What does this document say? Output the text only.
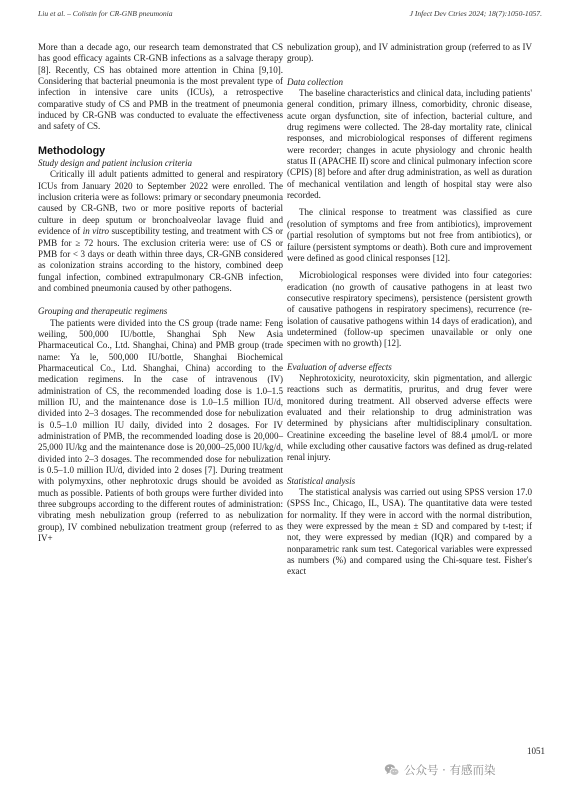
Liu et al. – Colistin for CR-GNB pneumonia	J Infect Dev Ctries 2024; 18(7):1050-1057.

More than a decade ago, our research team demonstrated that CS has good efficacy againts CR-GNB infections as a salvage therapy [8]. Recently, CS has obtained more attention in China [9,10]. Considering that bacterial pneumonia is the most prevalent type of infection in intensive care units (ICUs), a retrospective comparative study of CS and PMB in the treatment of pneumonia induced by CR-GNB was conducted to evaluate the effectiveness and safety of CS.

Methodology
Study design and patient inclusion criteria

Critically ill adult patients admitted to general and respiratory ICUs from January 2020 to September 2022 were enrolled. The inclusion criteria were as follows: primary or secondary pneumonia caused by CR-GNB, two or more positive reports of bacterial culture in deep sputum or bronchoalveolar lavage fluid and evidence of in vitro susceptibility testing, and treatment with CS or PMB for ≥ 72 hours. The exclusion criteria were: use of CS or PMB for < 3 days or death within three days, CR-GNB considered as colonization strains according to the history, combined deep fungal infection, combined extrapulmonary CR-GNB infection, and combined pneumonia caused by other pathogens.

Grouping and therapeutic regimens

The patients were divided into the CS group (trade name: Feng weiling, 500,000 IU/bottle, Shanghai Sph New Asia Pharmaceutical Co., Ltd. Shanghai, China) and PMB group (trade name: Ya le, 500,000 IU/bottle, Shanghai Biochemical Pharmaceutical Co., Ltd. Shanghai, China) according to the medication regimens. In the case of intravenous (IV) administration of CS, the recommended loading dose is 1.0–1.5 million IU, and the maintenance dose is 1.0–1.5 million IU/d, divided into 2–3 dosages. The recommended dose for nebulization is 0.5–1.0 million IU daily, divided into 2 dosages. For IV administration of PMB, the recommended loading dose is 20,000–25,000 IU/kg and the maintenance dose is 20,000–25,000 IU/kg/d, divided into 2–3 dosages. The recommended dose for nebulization is 0.5–1.0 million IU/d, divided into 2 doses [7]. During treatment with polymyxins, other nephrotoxic drugs should be avoided as much as possible. Patients of both groups were further divided into three subgroups according to the different routes of administration: vibrating mesh nebulization group (referred to as nebulization group), IV combined nebulization treatment group (referred to as IV+

nebulization group), and IV administration group (referred to as IV group).

Data collection

The baseline characteristics and clinical data, including patients' general condition, primary illness, comorbidity, chronic disease, acute organ dysfunction, site of infection, bacterial culture, and drug regimens were collected. The 28-day mortality rate, clinical responses, and microbiological responses of different regimens were recorder; changes in acute physiology and chronic health status II (APACHE II) score and clinical pulmonary infection score (CPIS) [8] before and after drug administration, as well as duration of mechanical ventilation and length of hospital stay were also recorded.

The clinical response to treatment was classified as cure (resolution of symptoms and free from antibiotics), improvement (partial resolution of symptoms but not free from antibiotics), or failure (persistent symptoms or death). Both cure and improvement were defined as good clinical responses [12].

Microbiological responses were divided into four categories: eradication (no growth of causative pathogens in at least two consecutive respiratory specimens), persistence (persistent growth of causative pathogens in respiratory specimens), recurrence (re-isolation of causative pathogens within 14 days of eradication), and undetermined (follow-up specimen unavailable or only one specimen with no growth) [12].

Evaluation of adverse effects

Nephrotoxicity, neurotoxicity, skin pigmentation, and allergic reactions such as dermatitis, pruritus, and drug fever were monitored during treatment. All observed adverse effects were evaluated and their relationship to drug administration was determined by physicians after multidisciplinary consultation. Creatinine exceeding the baseline level of 88.4 μmol/L or more while excluding other causative factors was defined as drug-related renal injury.

Statistical analysis

The statistical analysis was carried out using SPSS version 17.0 (SPSS Inc., Chicago, IL, USA). The quantitative data were tested for normality. If they were in accord with the normal distribution, they were expressed by the mean ± SD and compared by t-test; if not, they were expressed by median (IQR) and compared by a nonparametric rank sum test. Categorical variables were expressed as numbers (%) and compared using the Chi-square test. Fisher's exact

1051
公众号 · 有感而染
